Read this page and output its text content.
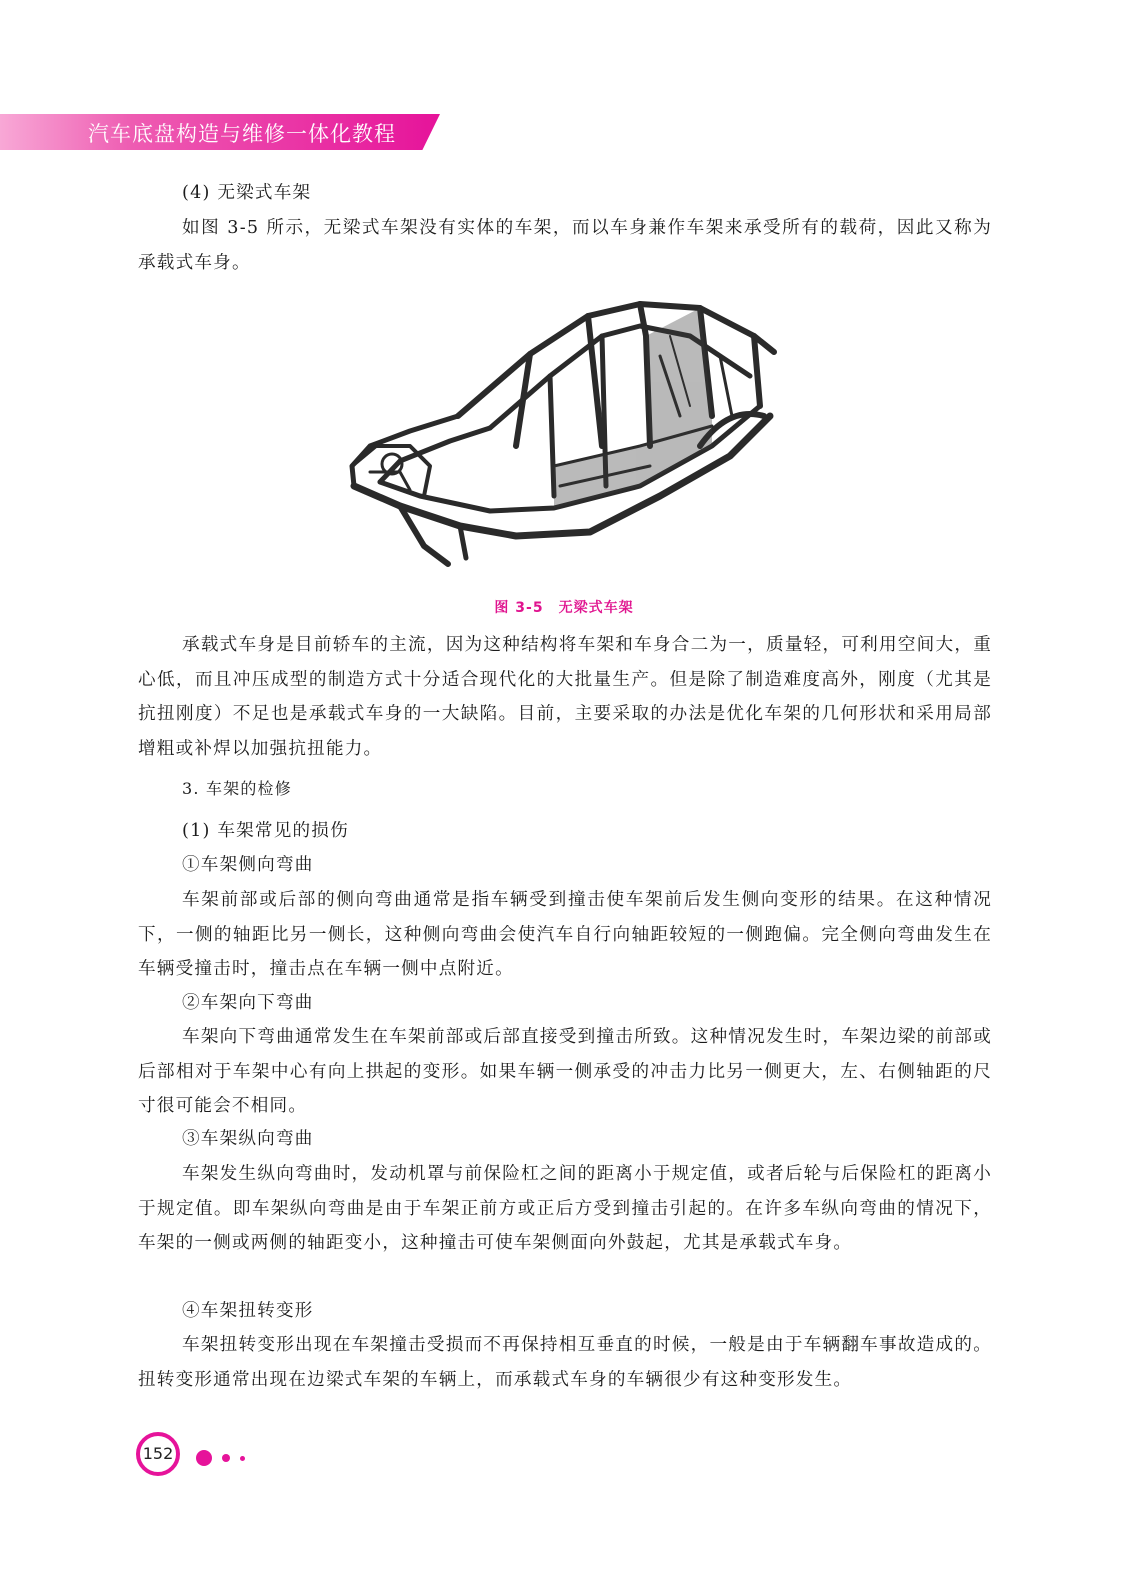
汽车底盘构造与维修一体化教程

(4) 无梁式车架

如图 3-5 所示，无梁式车架没有实体的车架，而以车身兼作车架来承受所有的载荷，因此又称为承载式车身。

图 3-5　无梁式车架

承载式车身是目前轿车的主流，因为这种结构将车架和车身合二为一，质量轻，可利用空间大，重心低，而且冲压成型的制造方式十分适合现代化的大批量生产。但是除了制造难度高外，刚度（尤其是抗扭刚度）不足也是承载式车身的一大缺陷。目前，主要采取的办法是优化车架的几何形状和采用局部增粗或补焊以加强抗扭能力。

3. 车架的检修

(1) 车架常见的损伤

①车架侧向弯曲

车架前部或后部的侧向弯曲通常是指车辆受到撞击使车架前后发生侧向变形的结果。在这种情况下，一侧的轴距比另一侧长，这种侧向弯曲会使汽车自行向轴距较短的一侧跑偏。完全侧向弯曲发生在车辆受撞击时，撞击点在车辆一侧中点附近。

②车架向下弯曲

车架向下弯曲通常发生在车架前部或后部直接受到撞击所致。这种情况发生时，车架边梁的前部或后部相对于车架中心有向上拱起的变形。如果车辆一侧承受的冲击力比另一侧更大，左、右侧轴距的尺寸很可能会不相同。

③车架纵向弯曲

车架发生纵向弯曲时，发动机罩与前保险杠之间的距离小于规定值，或者后轮与后保险杠的距离小于规定值。即车架纵向弯曲是由于车架正前方或正后方受到撞击引起的。在许多车纵向弯曲的情况下，车架的一侧或两侧的轴距变小，这种撞击可使车架侧面向外鼓起，尤其是承载式车身。

④车架扭转变形

车架扭转变形出现在车架撞击受损而不再保持相互垂直的时候，一般是由于车辆翻车事故造成的。扭转变形通常出现在边梁式车架的车辆上，而承载式车身的车辆很少有这种变形发生。

152
